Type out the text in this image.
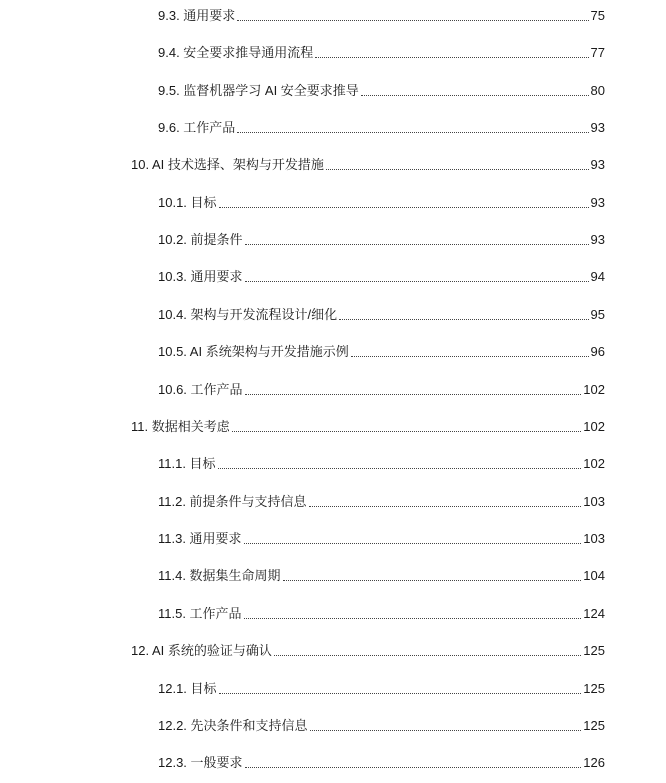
9.3. 通用要求	75
9.4. 安全要求推导通用流程	77
9.5. 监督机器学习 AI 安全要求推导	80
9.6. 工作产品	93
10. AI 技术选择、架构与开发措施	93
10.1. 目标	93
10.2. 前提条件	93
10.3. 通用要求	94
10.4. 架构与开发流程设计/细化	95
10.5. AI 系统架构与开发措施示例	96
10.6. 工作产品	102
11. 数据相关考虑	102
11.1. 目标	102
11.2. 前提条件与支持信息	103
11.3. 通用要求	103
11.4. 数据集生命周期	104
11.5. 工作产品	124
12. AI 系统的验证与确认	125
12.1. 目标	125
12.2. 先决条件和支持信息	125
12.3. 一般要求	126
